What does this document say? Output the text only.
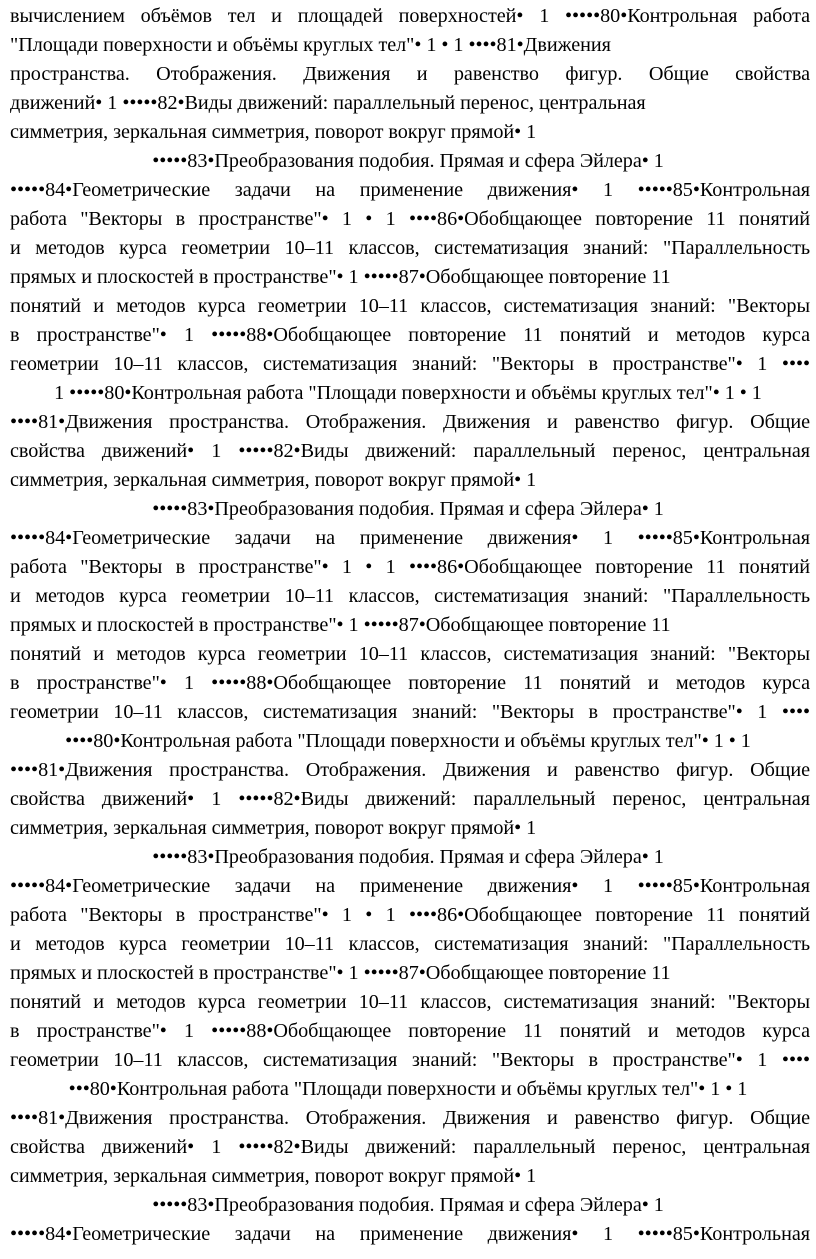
вычислением объёмов тел и площадей поверхностей• 1 •••••80•Контрольная работа
"Площади поверхности и объёмы круглых тел"• 1 • 1 ••••81•Движения
пространства. Отображения. Движения и равенство фигур. Общие свойства
движений• 1 •••••82•Виды движений: параллельный перенос, центральная
симметрия, зеркальная симметрия, поворот вокруг прямой• 1
•••••83•Преобразования подобия. Прямая и сфера Эйлера• 1
•••••84•Геометрические задачи на применение движения• 1 •••••85•Контрольная
работа "Векторы в пространстве"• 1 • 1 ••••86•Обобщающее повторение 11 понятий
и методов курса геометрии 10–11 классов, систематизация знаний: "Параллельность
прямых и плоскостей в пространстве"• 1 •••••87•Обобщающее повторение 11
понятий и методов курса геометрии 10–11 классов, систематизация знаний: "Векторы
в пространстве"• 1 •••••88•Обобщающее повторение 11 понятий и методов курса
геометрии 10–11 классов, систематизация знаний: "Векторы в пространстве"• 1 ••••
1 •••••80•Контрольная работа "Площади поверхности и объёмы круглых тел"• 1 • 1
••••81•Движения пространства. Отображения. Движения и равенство фигур. Общие
свойства движений• 1 •••••82•Виды движений: параллельный перенос, центральная
симметрия, зеркальная симметрия, поворот вокруг прямой• 1
•••••83•Преобразования подобия. Прямая и сфера Эйлера• 1
•••••84•Геометрические задачи на применение движения• 1 •••••85•Контрольная
работа "Векторы в пространстве"• 1 • 1 ••••86•Обобщающее повторение 11 понятий
и методов курса геометрии 10–11 классов, систематизация знаний: "Параллельность
прямых и плоскостей в пространстве"• 1 •••••87•Обобщающее повторение 11
понятий и методов курса геометрии 10–11 классов, систематизация знаний: "Векторы
в пространстве"• 1 •••••88•Обобщающее повторение 11 понятий и методов курса
геометрии 10–11 классов, систематизация знаний: "Векторы в пространстве"• 1 ••••
••••80•Контрольная работа "Площади поверхности и объёмы круглых тел"• 1 • 1
••••81•Движения пространства. Отображения. Движения и равенство фигур. Общие
свойства движений• 1 •••••82•Виды движений: параллельный перенос, центральная
симметрия, зеркальная симметрия, поворот вокруг прямой• 1
•••••83•Преобразования подобия. Прямая и сфера Эйлера• 1
•••••84•Геометрические задачи на применение движения• 1 •••••85•Контрольная
работа "Векторы в пространстве"• 1 • 1 ••••86•Обобщающее повторение 11 понятий
и методов курса геометрии 10–11 классов, систематизация знаний: "Параллельность
прямых и плоскостей в пространстве"• 1 •••••87•Обобщающее повторение 11
понятий и методов курса геометрии 10–11 классов, систематизация знаний: "Векторы
в пространстве"• 1 •••••88•Обобщающее повторение 11 понятий и методов курса
геометрии 10–11 классов, систематизация знаний: "Векторы в пространстве"• 1 ••••
•••80•Контрольная работа "Площади поверхности и объёмы круглых тел"• 1 • 1
••••81•Движения пространства. Отображения. Движения и равенство фигур. Общие
свойства движений• 1 •••••82•Виды движений: параллельный перенос, центральная
симметрия, зеркальная симметрия, поворот вокруг прямой• 1
•••••83•Преобразования подобия. Прямая и сфера Эйлера• 1
•••••84•Геометрические задачи на применение движения• 1 •••••85•Контрольная
